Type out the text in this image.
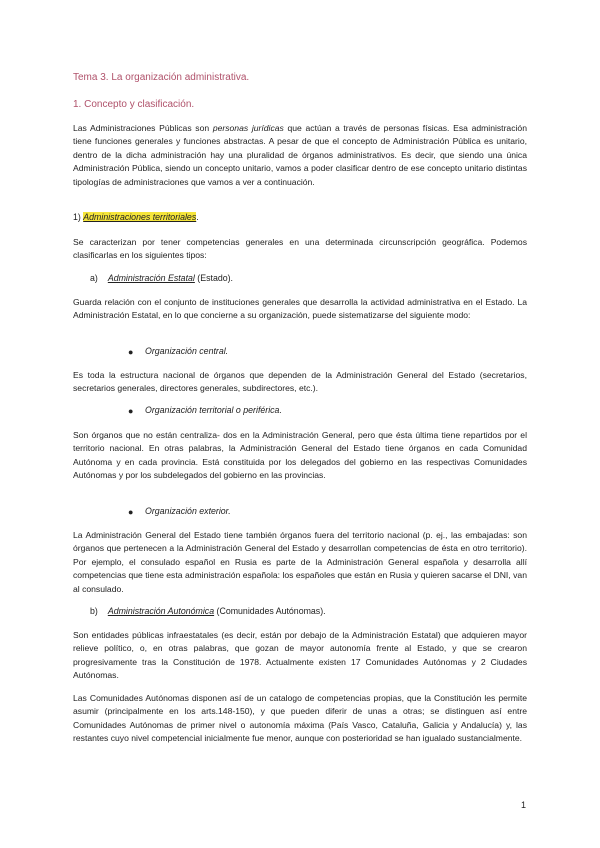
Tema 3. La organización administrativa.
1. Concepto y clasificación.

Las Administraciones Públicas son personas jurídicas que actúan a través de personas físicas. Esa administración tiene funciones generales y funciones abstractas. A pesar de que el concepto de Administración Pública es unitario, dentro de la dicha administración hay una pluralidad de órganos administrativos. Es decir, que siendo una única Administración Pública, siendo un concepto unitario, vamos a poder clasificar dentro de ese concepto unitario distintas tipologías de administraciones que vamos a ver a continuación.

1) Administraciones territoriales.

Se caracterizan por tener competencias generales en una determinada circunscripción geográfica. Podemos clasificarlas en los siguientes tipos:

a) Administración Estatal (Estado).

Guarda relación con el conjunto de instituciones generales que desarrolla la actividad administrativa en el Estado. La Administración Estatal, en lo que concierne a su organización, puede sistematizarse del siguiente modo:

● Organización central.

Es toda la estructura nacional de órganos que dependen de la Administración General del Estado (secretarios, secretarios generales, directores generales, subdirectores, etc.).

● Organización territorial o periférica.

Son órganos que no están centraliza- dos en la Administración General, pero que ésta última tiene repartidos por el territorio nacional. En otras palabras, la Administración General del Estado tiene órganos en cada Comunidad Autónoma y en cada provincia. Está constituida por los delegados del gobierno en las respectivas Comunidades Autónomas y por los subdelegados del gobierno en las provincias.

● Organización exterior.

La Administración General del Estado tiene también órganos fuera del territorio nacional (p. ej., las embajadas: son órganos que pertenecen a la Administración General del Estado y desarrollan competencias de ésta en otro territorio). Por ejemplo, el consulado español en Rusia es parte de la Administración General española y desarrolla allí competencias que tiene esta administración española: los españoles que están en Rusia y quieren sacarse el DNI, van al consulado.

b) Administración Autonómica (Comunidades Autónomas).

Son entidades públicas infraestatales (es decir, están por debajo de la Administración Estatal) que adquieren mayor relieve político, o, en otras palabras, que gozan de mayor autonomía frente al Estado, y que se crearon progresivamente tras la Constitución de 1978. Actualmente existen 17 Comunidades Autónomas y 2 Ciudades Autónomas.

Las Comunidades Autónomas disponen así de un catalogo de competencias propias, que la Constitución les permite asumir (principalmente en los arts.148-150), y que pueden diferir de unas a otras; se distinguen así entre Comunidades Autónomas de primer nivel o autonomía máxima (País Vasco, Cataluña, Galicia y Andalucía) y, las restantes cuyo nivel competencial inicialmente fue menor, aunque con posterioridad se han igualado sustancialmente.

1
